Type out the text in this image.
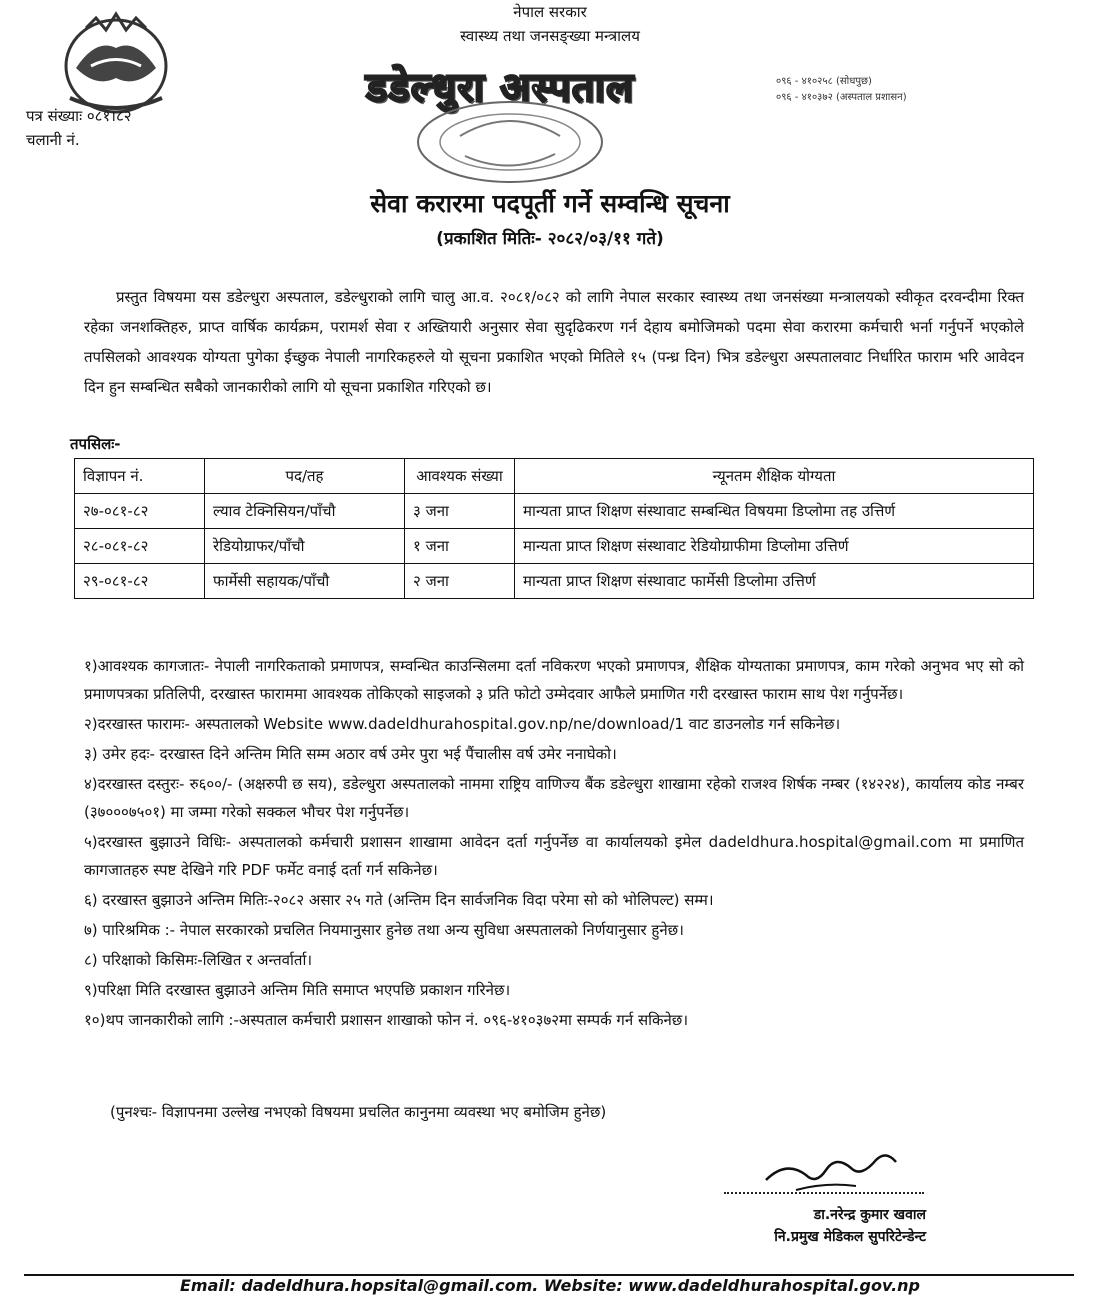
पत्र संख्याः ०८१।८२
चलानी नं.
नेपाल सरकार
स्वास्थ्य तथा जनसङ्ख्या मन्त्रालय
डडेल्धुरा अस्पताल	०९६ - ४१०२५८ (सोधपुछ)
०९६ - ४१०३७२ (अस्पताल प्रशासन)
सेवा करारमा पदपूर्ती गर्ने सम्वन्धि सूचना
(प्रकाशित मितिः- २०८२/०३/११ गते)
प्रस्तुत विषयमा यस डडेल्धुरा अस्पताल, डडेल्धुराको लागि चालु आ.व. २०८१/०८२ को लागि नेपाल सरकार स्वास्थ्य तथा जनसंख्या मन्त्रालयको स्वीकृत दरवन्दीमा रिक्त रहेका जनशक्तिहरु, प्राप्त वार्षिक कार्यक्रम, परामर्श सेवा र अख्तियारी अनुसार सेवा सुदृढिकरण गर्न देहाय बमोजिमको पदमा सेवा करारमा कर्मचारी भर्ना गर्नुपर्ने भएकोले तपसिलको आवश्यक योग्यता पुगेका ईच्छुक नेपाली नागरिकहरुले यो सूचना प्रकाशित भएको मितिले १५ (पन्ध्र दिन) भित्र डडेल्धुरा अस्पतालवाट निर्धारित फाराम भरि आवेदन दिन हुन सम्बन्धित सबैको जानकारीको लागि यो सूचना प्रकाशित गरिएको छ।
तपसिलः-
विज्ञापन नं.	पद/तह	आवश्यक संख्या	न्यूनतम शैक्षिक योग्यता
२७-०८१-८२	ल्याव टेक्निसियन/पाँचौ	३ जना	मान्यता प्राप्त शिक्षण संस्थावाट सम्बन्धित विषयमा डिप्लोमा तह उत्तिर्ण
२८-०८१-८२	रेडियोग्राफर/पाँचौ	१ जना	मान्यता प्राप्त शिक्षण संस्थावाट रेडियोग्राफीमा डिप्लोमा उत्तिर्ण
२९-०८१-८२	फार्मेसी सहायक/पाँचौ	२ जना	मान्यता प्राप्त शिक्षण संस्थावाट फार्मेसी डिप्लोमा उत्तिर्ण
१)आवश्यक कागजातः- नेपाली नागरिकताको प्रमाणपत्र, सम्वन्धित काउन्सिलमा दर्ता नविकरण भएको प्रमाणपत्र, शैक्षिक योग्यताका प्रमाणपत्र, काम गरेको अनुभव भए सो को प्रमाणपत्रका प्रतिलिपी, दरखास्त फाराममा आवश्यक तोकिएको साइजको ३ प्रति फोटो उम्मेदवार आफैले प्रमाणित गरी दरखास्त फाराम साथ पेश गर्नुपर्नेछ।
२)दरखास्त फारामः- अस्पतालको Website www.dadeldhurahospital.gov.np/ne/download/1 वाट डाउनलोड गर्न सकिनेछ।
३) उमेर हदः- दरखास्त दिने अन्तिम मिति सम्म अठार वर्ष उमेर पुरा भई पैंचालीस वर्ष उमेर ननाघेको।
४)दरखास्त दस्तुरः- रु६००/- (अक्षरुपी छ सय), डडेल्धुरा अस्पतालको नाममा राष्ट्रिय वाणिज्य बैंक डडेल्धुरा शाखामा रहेको राजश्व शिर्षक नम्बर (१४२२४), कार्यालय कोड नम्बर (३७०००७५०१) मा जम्मा गरेको सक्कल भौचर पेश गर्नुपर्नेछ।
५)दरखास्त बुझाउने विधिः- अस्पतालको कर्मचारी प्रशासन शाखामा आवेदन दर्ता गर्नुपर्नेछ वा कार्यालयको इमेल dadeldhura.hospital@gmail.com मा प्रमाणित कागजातहरु स्पष्ट देखिने गरि PDF फर्मेट वनाई दर्ता गर्न सकिनेछ।
६) दरखास्त बुझाउने अन्तिम मितिः-२०८२ असार २५ गते (अन्तिम दिन सार्वजनिक विदा परेमा सो को भोलिपल्ट) सम्म।
७) पारिश्रमिक :- नेपाल सरकारको प्रचलित नियमानुसार हुनेछ तथा अन्य सुविधा अस्पतालको निर्णयानुसार हुनेछ।
८) परिक्षाको किसिमः-लिखित र अन्तर्वार्ता।
९)परिक्षा मिति दरखास्त बुझाउने अन्तिम मिति समाप्त भएपछि प्रकाशन गरिनेछ।
१०)थप जानकारीको लागि :-अस्पताल कर्मचारी प्रशासन शाखाको फोन नं. ०९६-४१०३७२मा सम्पर्क गर्न सकिनेछ।
(पुनश्चः- विज्ञापनमा उल्लेख नभएको विषयमा प्रचलित कानुनमा व्यवस्था भए बमोजिम हुनेछ)
डा.नरेन्द्र कुमार खवाल
नि.प्रमुख मेडिकल सुपरिटेन्डेन्ट
Email: dadeldhura.hopsital@gmail.com. Website: www.dadeldhurahospital.gov.np
